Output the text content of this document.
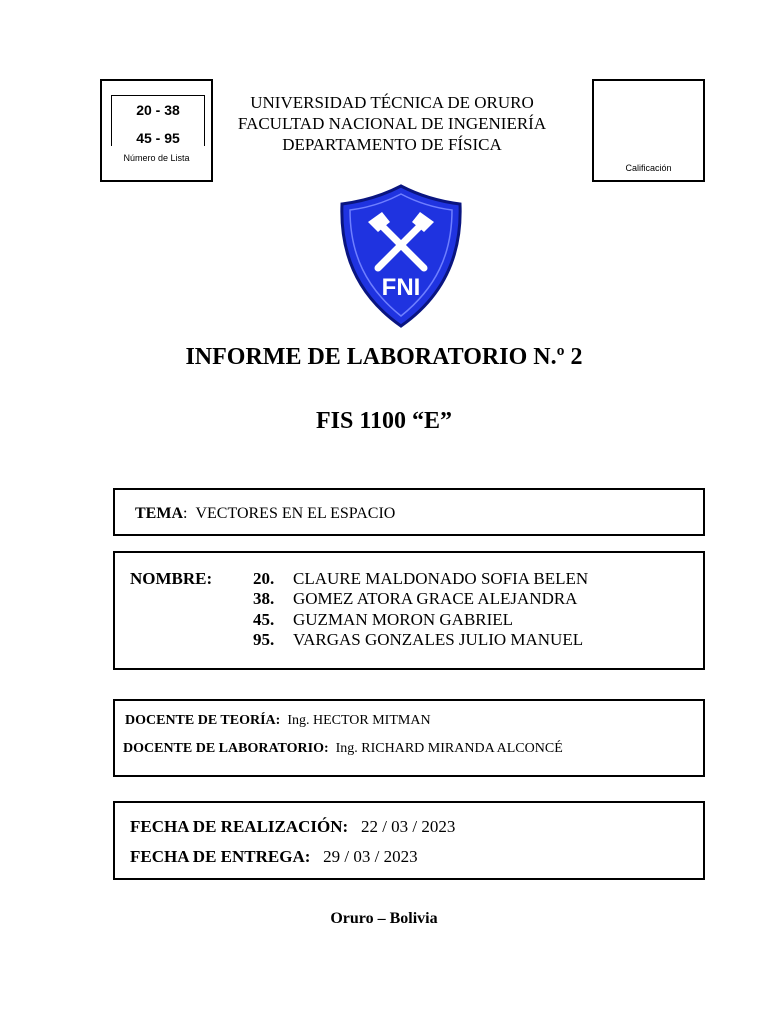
20 - 38
45 - 95
Número de Lista
UNIVERSIDAD TÉCNICA DE ORURO
FACULTAD NACIONAL DE INGENIERÍA
DEPARTAMENTO DE FÍSICA
Calificación
FNI
INFORME DE LABORATORIO N.º 2
FIS 1100 “E”
TEMA:  VECTORES EN EL ESPACIO
NOMBRE: 20. CLAURE MALDONADO SOFIA BELEN
38. GOMEZ ATORA GRACE ALEJANDRA
45. GUZMAN MORON GABRIEL
95. VARGAS GONZALES JULIO MANUEL
DOCENTE DE TEORÍA: Ing. HECTOR MITMAN
DOCENTE DE LABORATORIO: Ing. RICHARD MIRANDA ALCONCÉ
FECHA DE REALIZACIÓN: 22 / 03 / 2023
FECHA DE ENTREGA: 29 / 03 / 2023
Oruro – Bolivia
